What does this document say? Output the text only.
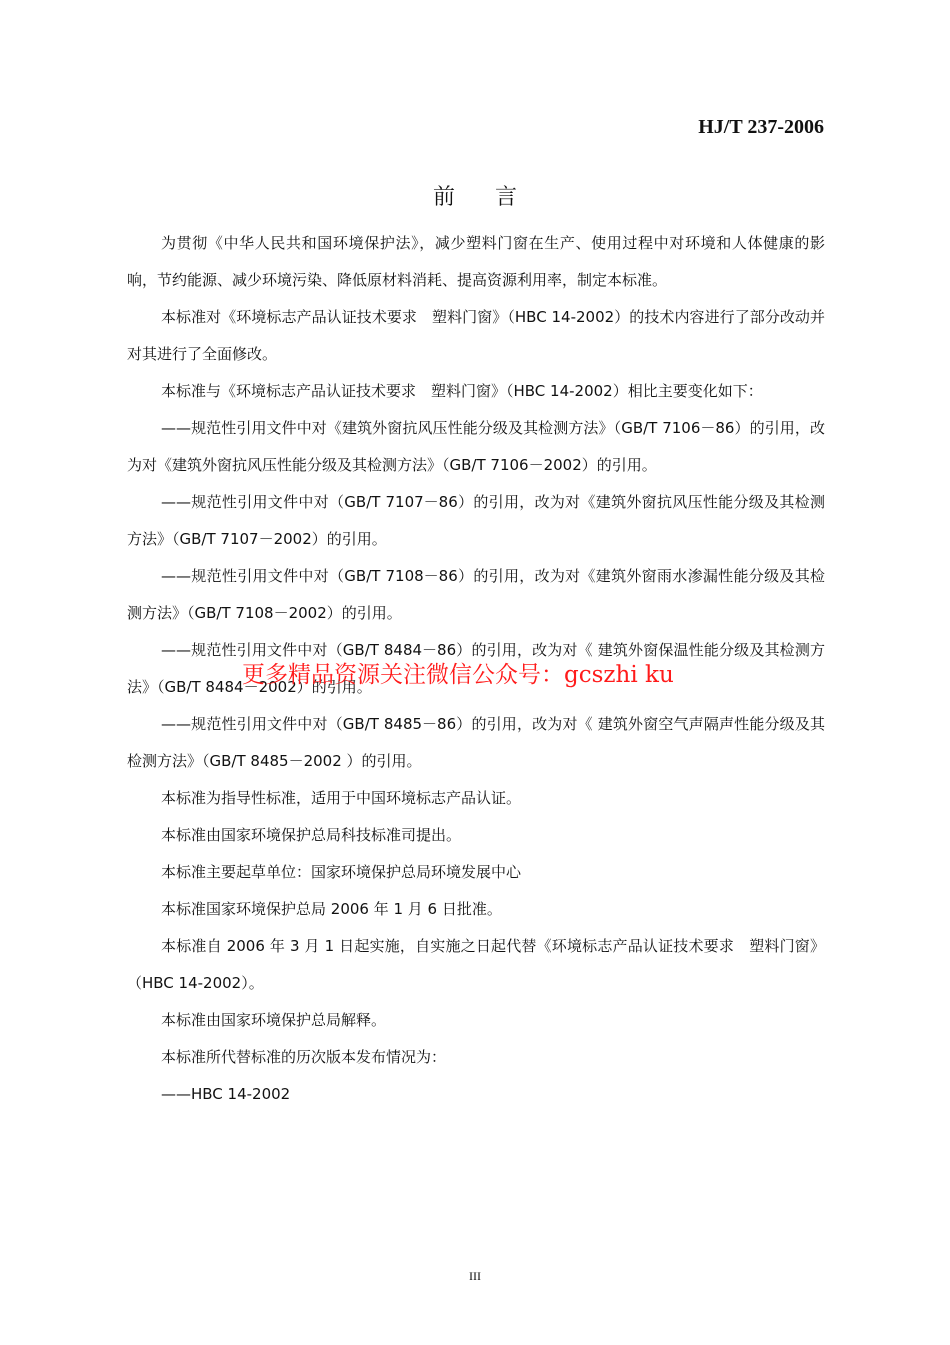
HJ/T 237-2006
前言

为贯彻《中华人民共和国环境保护法》，减少塑料门窗在生产、使用过程中对环境和人体健康的影响，节约能源、减少环境污染、降低原材料消耗、提高资源利用率，制定本标准。

本标准对《环境标志产品认证技术要求　塑料门窗》（HBC 14-2002）的技术内容进行了部分改动并对其进行了全面修改。

本标准与《环境标志产品认证技术要求　塑料门窗》（HBC 14-2002）相比主要变化如下：

——规范性引用文件中对《建筑外窗抗风压性能分级及其检测方法》（GB/T 7106－86）的引用，改为对《建筑外窗抗风压性能分级及其检测方法》（GB/T 7106－2002）的引用。

——规范性引用文件中对（GB/T 7107－86）的引用，改为对《建筑外窗抗风压性能分级及其检测方法》（GB/T 7107－2002）的引用。

——规范性引用文件中对（GB/T 7108－86）的引用，改为对《建筑外窗雨水渗漏性能分级及其检测方法》（GB/T 7108－2002）的引用。

——规范性引用文件中对（GB/T 8484－86）的引用，改为对《 建筑外窗保温性能分级及其检测方法》（GB/T 8484－2002）的引用。

——规范性引用文件中对（GB/T 8485－86）的引用，改为对《 建筑外窗空气声隔声性能分级及其检测方法》（GB/T 8485－2002 ）的引用。

本标准为指导性标准，适用于中国环境标志产品认证。

本标准由国家环境保护总局科技标准司提出。

本标准主要起草单位：国家环境保护总局环境发展中心

本标准国家环境保护总局 2006 年 1 月 6 日批准。

本标准自 2006 年 3 月 1 日起实施，自实施之日起代替《环境标志产品认证技术要求　塑料门窗》（HBC 14-2002）。

本标准由国家环境保护总局解释。

本标准所代替标准的历次版本发布情况为：

——HBC 14-2002

更多精品资源关注微信公众号：gcszhi ku
III
